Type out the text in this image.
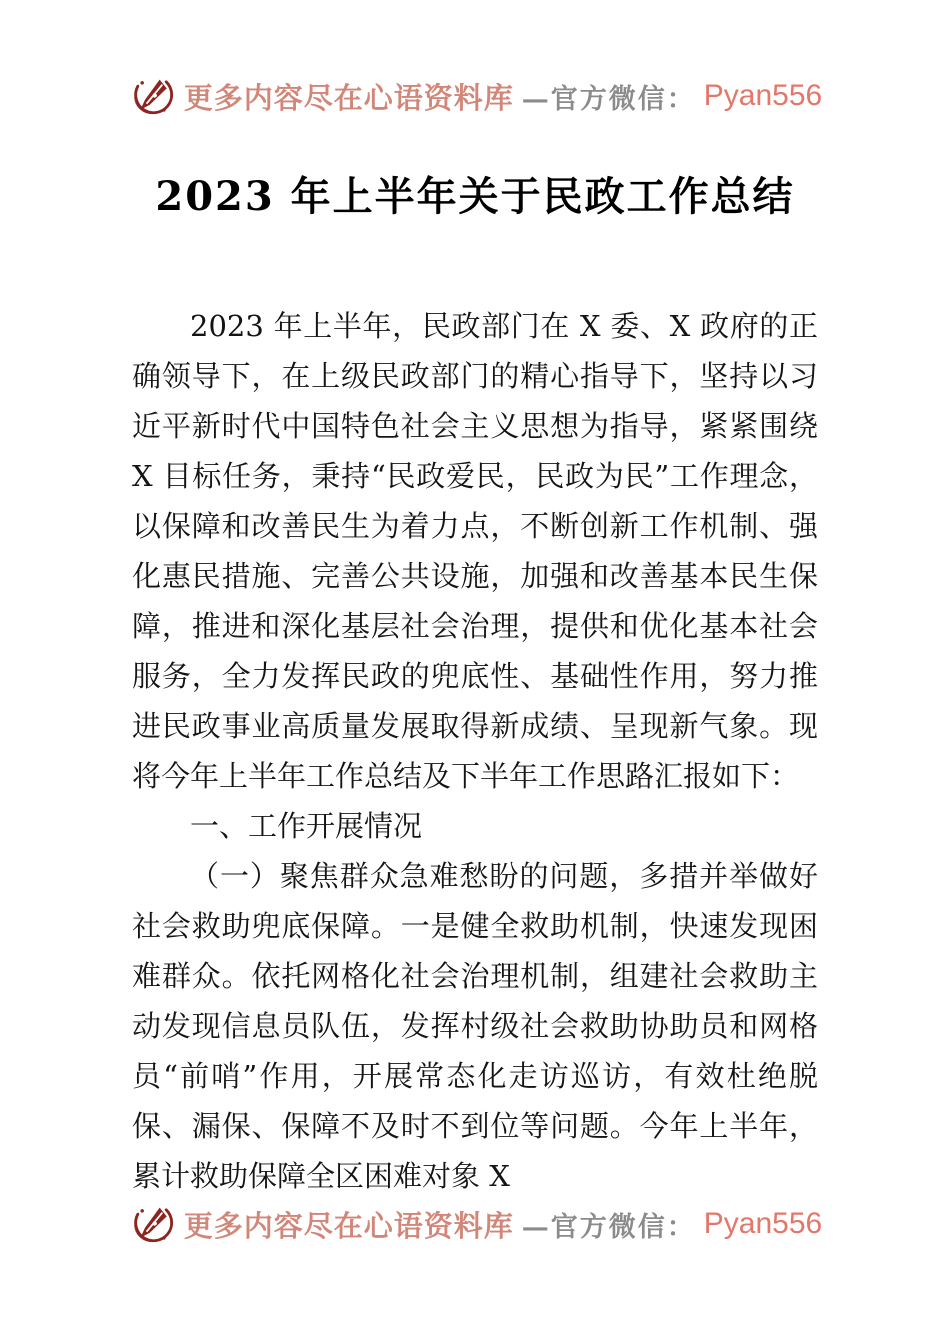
更多内容尽在心语资料库 —官方微信： Pyan556
2023 年上半年关于民政工作总结

2023 年上半年，民政部门在 X 委、X 政府的正确领导下，在上级民政部门的精心指导下，坚持以习近平新时代中国特色社会主义思想为指导，紧紧围绕 X 目标任务，秉持“民政爱民，民政为民”工作理念，以保障和改善民生为着力点，不断创新工作机制、强化惠民措施、完善公共设施，加强和改善基本民生保障，推进和深化基层社会治理，提供和优化基本社会服务，全力发挥民政的兜底性、基础性作用，努力推进民政事业高质量发展取得新成绩、呈现新气象。现将今年上半年工作总结及下半年工作思路汇报如下：

一、工作开展情况

（一）聚焦群众急难愁盼的问题，多措并举做好社会救助兜底保障。一是健全救助机制，快速发现困难群众。依托网格化社会治理机制，组建社会救助主动发现信息员队伍，发挥村级社会救助协助员和网格员“前哨”作用，开展常态化走访巡访，有效杜绝脱保、漏保、保障不及时不到位等问题。今年上半年，累计救助保障全区困难对象 X

更多内容尽在心语资料库 —官方微信： Pyan556
